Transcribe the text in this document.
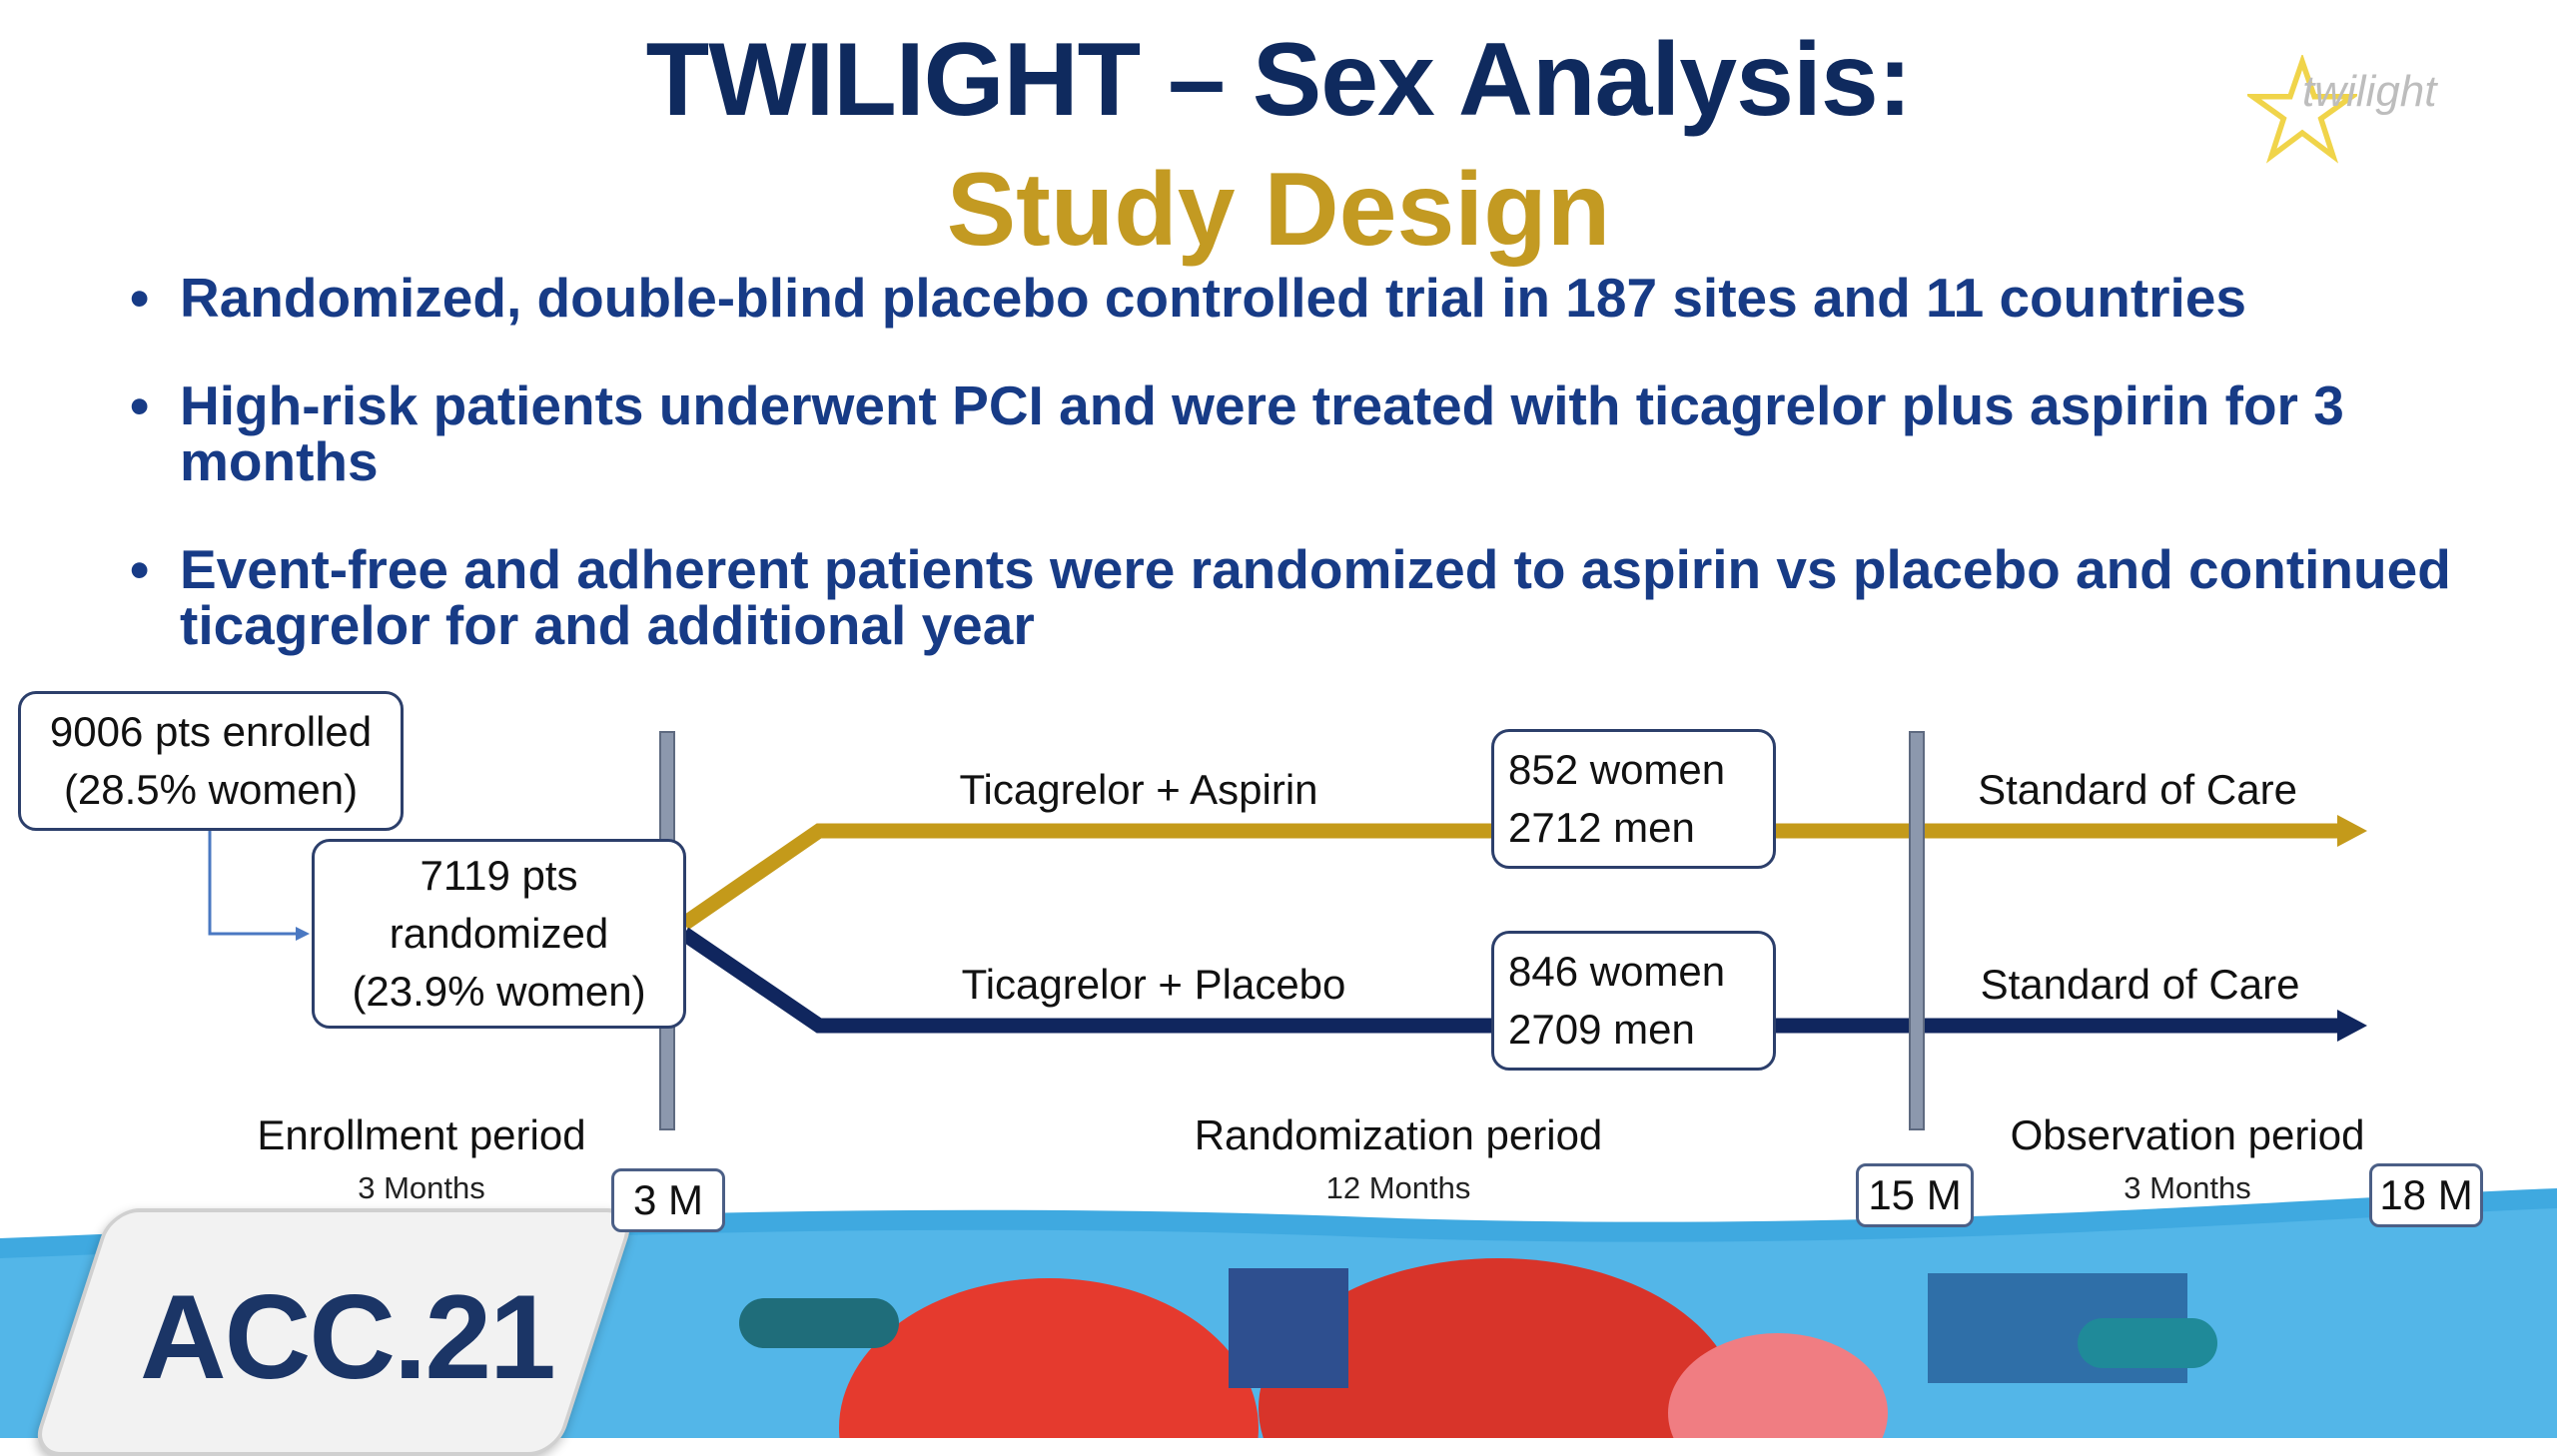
TWILIGHT – Sex Analysis:
Study Design
twilight
• Randomized, double-blind placebo controlled trial in 187 sites and 11 countries
• High-risk patients underwent PCI and were treated with ticagrelor plus aspirin for 3 months
• Event-free and adherent patients were randomized to aspirin vs placebo and continued ticagrelor for and additional year
ACC.21
9006 pts enrolled
(28.5% women)
7119 pts
randomized
(23.9% women)
Ticagrelor + Aspirin
Ticagrelor + Placebo
852 women
2712 men
846 women
2709 men
Standard of Care
Standard of Care
Enrollment period
3 Months
Randomization period
12 Months
Observation period
3 Months
3 M	15 M	18 M
